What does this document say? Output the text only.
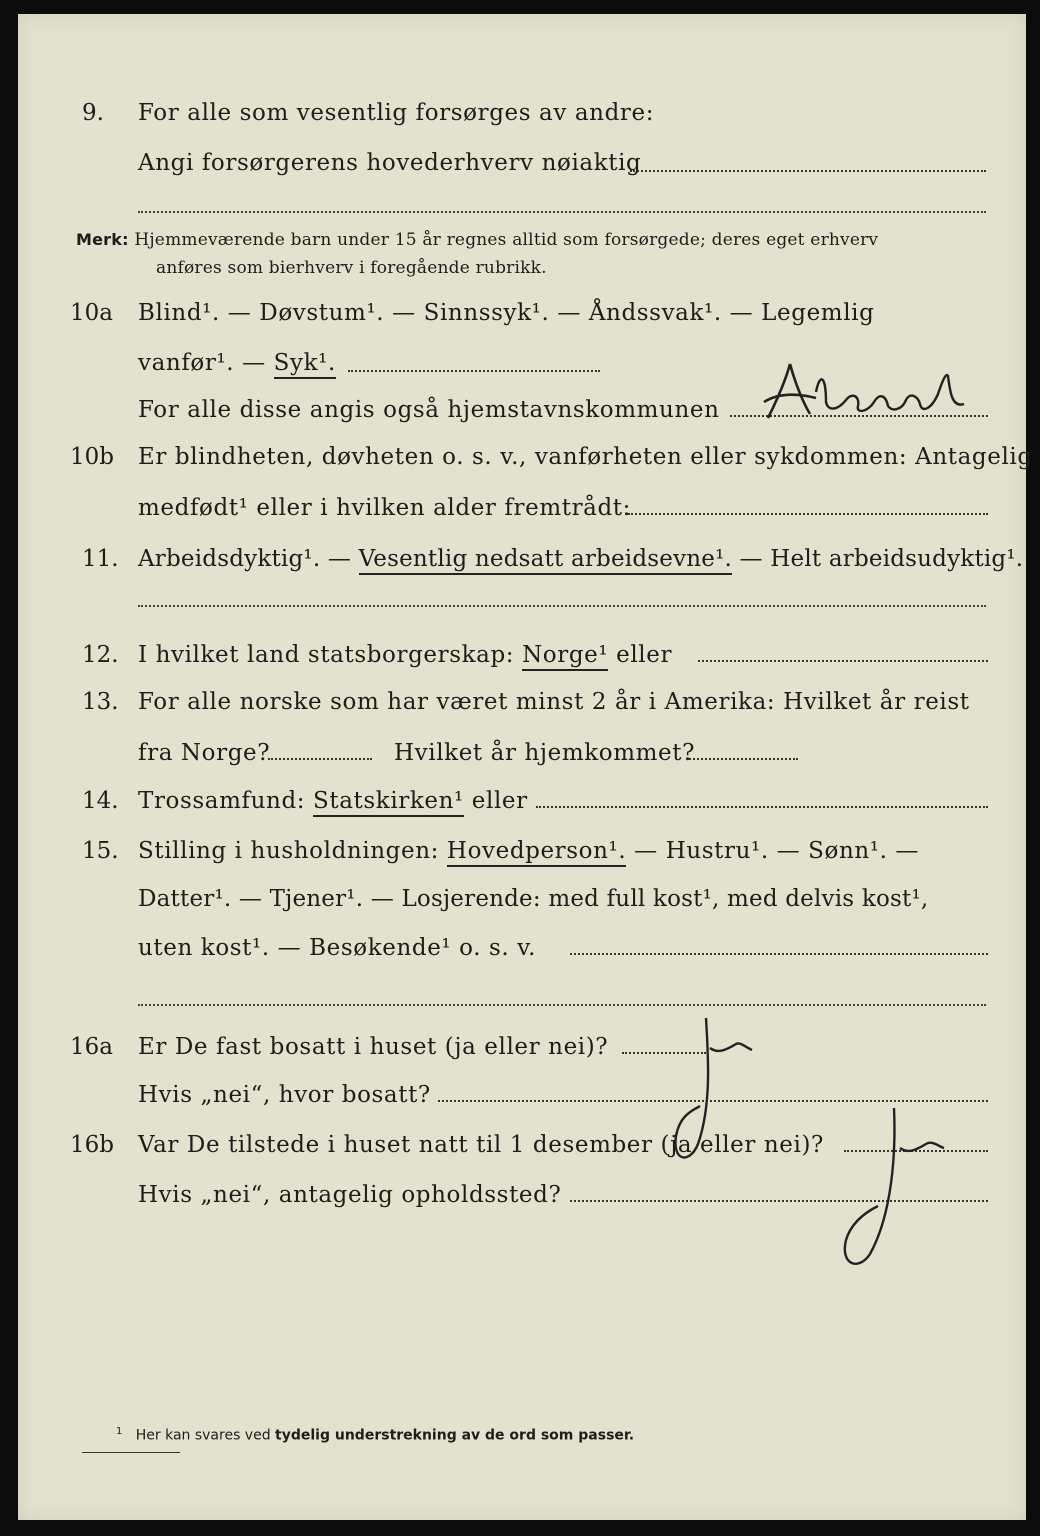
9. For alle som vesentlig forsørges av andre:
Angi forsørgerens hovederhverv nøiaktig
Merk: Hjemmeværende barn under 15 år regnes alltid som forsørgede; deres eget erhverv
anføres som bierhverv i foregående rubrikk.
10a Blind¹. — Døvstum¹. — Sinnssyk¹. — Åndssvak¹. — Legemlig
vanfør¹. — Syk¹.
For alle disse angis også hjemstavnskommunen
10b Er blindheten, døvheten o. s. v., vanførheten eller sykdommen: Antagelig
medfødt¹ eller i hvilken alder fremtrådt:
11. Arbeidsdyktig¹. — Vesentlig nedsatt arbeidsevne¹. — Helt arbeidsudyktig¹.
12. I hvilket land statsborgerskap: Norge¹ eller
13. For alle norske som har været minst 2 år i Amerika: Hvilket år reist
fra Norge?	Hvilket år hjemkommet?
14. Trossamfund: Statskirken¹ eller
15. Stilling i husholdningen: Hovedperson¹. — Hustru¹. — Sønn¹. —
Datter¹. — Tjener¹. — Losjerende: med full kost¹, med delvis kost¹,
uten kost¹. — Besøkende¹ o. s. v.
16a Er De fast bosatt i huset (ja eller nei)?
Hvis „nei“, hvor bosatt?
16b Var De tilstede i huset natt til 1 desember (ja eller nei)?
Hvis „nei“, antagelig opholdssted?
$^1$ Her kan svares ved tydelig understrekning av de ord som passer.
